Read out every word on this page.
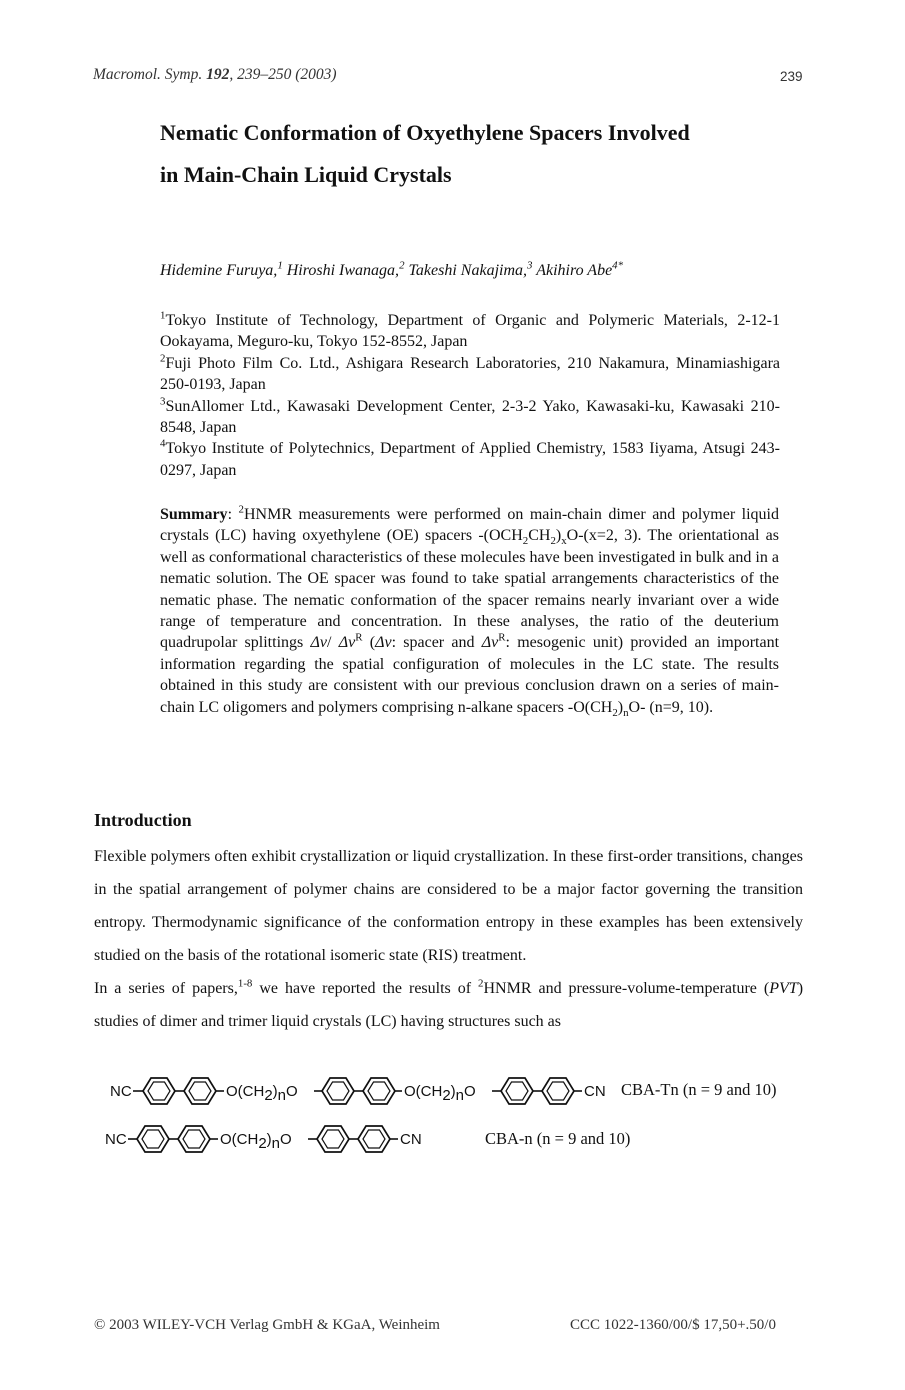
Macromol. Symp. 192, 239–250 (2003)	239
Nematic Conformation of Oxyethylene Spacers Involved
in Main-Chain Liquid Crystals

Hidemine Furuya,$^1$ Hiroshi Iwanaga,$^2$ Takeshi Nakajima,$^3$ Akihiro Abe$^{4*}$

$^1$Tokyo Institute of Technology, Department of Organic and Polymeric Materials, 2-12-1 Ookayama, Meguro-ku, Tokyo 152-8552, Japan
$^2$Fuji Photo Film Co. Ltd., Ashigara Research Laboratories, 210 Nakamura, Minamiashigara 250-0193, Japan
$^3$SunAllomer Ltd., Kawasaki Development Center, 2-3-2 Yako, Kawasaki-ku, Kawasaki 210-8548, Japan
$^4$Tokyo Institute of Polytechnics, Department of Applied Chemistry, 1583 Iiyama, Atsugi 243-0297, Japan

Summary: $^2$HNMR measurements were performed on main-chain dimer and polymer liquid crystals (LC) having oxyethylene (OE) spacers $-(OCH_2CH_2)_xO-(x=2$, 3). The orientational as well as conformational characteristics of these molecules have been investigated in bulk and in a nematic solution. The OE spacer was found to take spatial arrangements characteristics of the nematic phase. The nematic conformation of the spacer remains nearly invariant over a wide range of temperature and concentration. In these analyses, the ratio of the deuterium quadrupolar splittings Δν/ $\Delta\nu^R$ (Δν: spacer and $\Delta\nu^R$: mesogenic unit) provided an important information regarding the spatial configuration of molecules in the LC state. The results obtained in this study are consistent with our previous conclusion drawn on a series of main-chain LC oligomers and polymers comprising n-alkane spacers $-O(CH_2)_nO-$ (n=9, 10).

Introduction

Flexible polymers often exhibit crystallization or liquid crystallization. In these first-order transitions, changes in the spatial arrangement of polymer chains are considered to be a major factor governing the transition entropy. Thermodynamic significance of the conformation entropy in these examples has been extensively studied on the basis of the rotational isomeric state (RIS) treatment.

In a series of papers,$^{1-8}$ we have reported the results of $^2$HNMR and pressure-volume-temperature (PVT) studies of dimer and trimer liquid crystals (LC) having structures such as

NC	O(CH2)nO	O(CH2)nO	CN CBA-Tn (n = 9 and 10)
NC	O(CH2)nO	CN	CBA-n (n = 9 and 10)
© 2003 WILEY-VCH Verlag GmbH & KGaA, Weinheim	CCC 1022-1360/00/$ 17,50+.50/0
